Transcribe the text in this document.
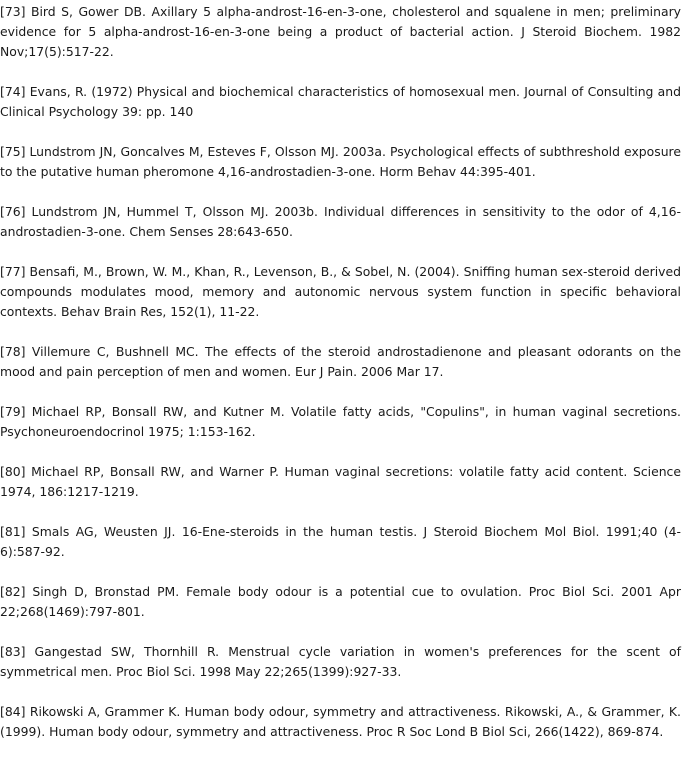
[73] Bird S, Gower DB. Axillary 5 alpha-androst-16-en-3-one, cholesterol and squalene in men; preliminary evidence for 5 alpha-androst-16-en-3-one being a product of bacterial action. J Steroid Biochem. 1982 Nov;17(5):517-22.

[74] Evans, R. (1972) Physical and biochemical characteristics of homosexual men. Journal of Consulting and Clinical Psychology 39: pp. 140

[75] Lundstrom JN, Goncalves M, Esteves F, Olsson MJ. 2003a. Psychological effects of subthreshold exposure to the putative human pheromone 4,16-androstadien-3-one. Horm Behav 44:395-401.

[76] Lundstrom JN, Hummel T, Olsson MJ. 2003b. Individual differences in sensitivity to the odor of 4,16-androstadien-3-one. Chem Senses 28:643-650.

[77] Bensafi, M., Brown, W. M., Khan, R., Levenson, B., & Sobel, N. (2004). Sniffing human sex-steroid derived compounds modulates mood, memory and autonomic nervous system function in specific behavioral contexts. Behav Brain Res, 152(1), 11-22.

[78] Villemure C, Bushnell MC. The effects of the steroid androstadienone and pleasant odorants on the mood and pain perception of men and women. Eur J Pain. 2006 Mar 17.

[79] Michael RP, Bonsall RW, and Kutner M. Volatile fatty acids, "Copulins", in human vaginal secretions. Psychoneuroendocrinol 1975; 1:153-162.

[80] Michael RP, Bonsall RW, and Warner P. Human vaginal secretions: volatile fatty acid content. Science 1974, 186:1217-1219.

[81] Smals AG, Weusten JJ. 16-Ene-steroids in the human testis. J Steroid Biochem Mol Biol. 1991;40 (4-6):587-92.

[82] Singh D, Bronstad PM. Female body odour is a potential cue to ovulation. Proc Biol Sci. 2001 Apr 22;268(1469):797-801.

[83] Gangestad SW, Thornhill R. Menstrual cycle variation in women's preferences for the scent of symmetrical men. Proc Biol Sci. 1998 May 22;265(1399):927-33.

[84] Rikowski A, Grammer K. Human body odour, symmetry and attractiveness. Rikowski, A., & Grammer, K. (1999). Human body odour, symmetry and attractiveness. Proc R Soc Lond B Biol Sci, 266(1422), 869-874.
